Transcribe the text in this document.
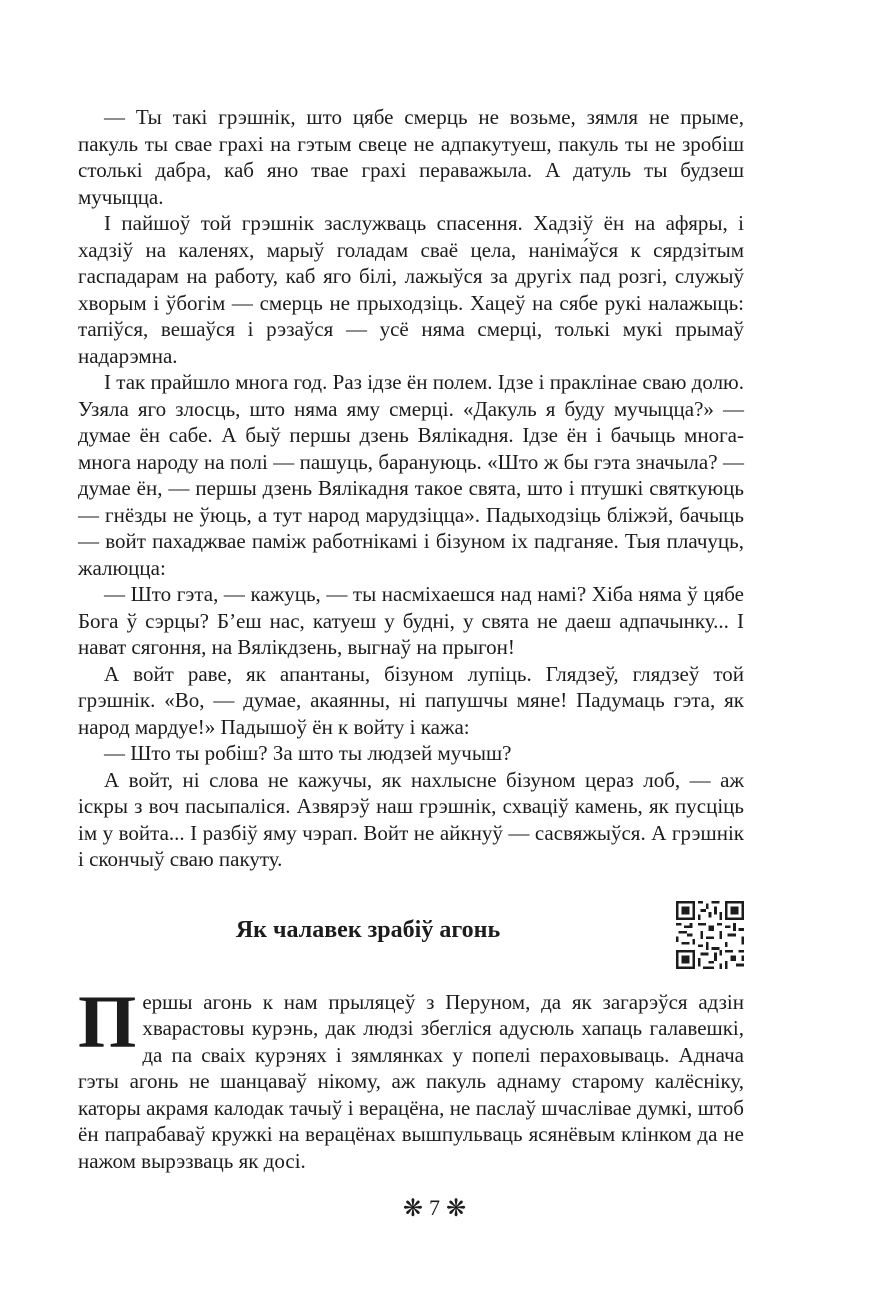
— Ты такі грэшнік, што цябе смерць не возьме, зямля не прыме, пакуль ты свае грахі на гэтым свеце не адпакутуеш, пакуль ты не зробіш столькі дабра, каб яно тваe грахі пераважыла. А датуль ты будзеш мучыцца.

І пайшоў той грэшнік заслужваць спасення. Хадзіў ён на афяры, і хадзіў на каленях, марыў голадам сваё цела, наніма́ўся к сярдзітым гаспадарам на работу, каб яго білі, лажыўся за другіх пад розгі, служыў хворым і ўбогім — смерць не прыходзіць. Хацеў на сябе рукі налажыць: тапіўся, вешаўся і рэзаўся — усё няма смерці, толькі мукі прымаў надарэмна.

І так прайшло многа год. Раз ідзе ён полем. Ідзе і праклінае сваю долю. Узяла яго злосць, што няма яму смерці. «Дакуль я буду мучыцца?» — думае ён сабе. А быў першы дзень Вялікадня. Ідзе ён і бачыць многа-многа народу на полі — пашуць, барануюць. «Што ж бы гэта значыла? — думае ён, — першы дзень Вялікадня такое свята, што і птушкі святкуюць — гнёзды не ўюць, а тут народ марудзіцца». Падыходзіць бліжэй, бачыць — войт пахаджвае паміж работнікамі і бізуном іх падганяе. Тыя плачуць, жалюцца:

— Што гэта, — кажуць, — ты насміхаешся над намі? Хіба няма ў цябе Бога ў сэрцы? Б’еш нас, катуеш у будні, у свята не даеш адпачынку... І нават сягоння, на Вялікдзень, выгнаў на прыгон!

А войт раве, як апантаны, бізуном лупіць. Глядзеў, глядзеў той грэшнік. «Во, — думае, акаянны, ні папушчы мяне! Падумаць гэта, як народ мардуе!» Падышоў ён к войту і кажа:

— Што ты робіш? За што ты людзей мучыш?

А войт, ні слова не кажучы, як нахлысне бізуном цераз лоб, — аж іскры з воч пасыпаліся. Азвярэў наш грэшнік, схваціў камень, як пусціць ім у войта... І разбіў яму чэрап. Войт не айкнуў — сасвяжыўся. А грэшнік і скончыў сваю пакуту.

Як чалавек зрабіў агонь

Першы агонь к нам прыляцеў з Перуном, да як загарэўся адзін хварастовы курэнь, дак людзі збегліся адусюль хапаць галавешкі, да па сваіх курэнях і зямлянках у попелі пераховываць. Аднача гэты агонь не шанцаваў нікому, аж пакуль аднаму старому калёсніку, каторы акрамя калодак тачыў і верацёна, не паслаў шчаслівае думкі, штоб ён папрабаваў кружкі на верацёнах вышпульваць ясянёвым клінком да не нажом вырэзваць як досі.

❋ 7 ❋
